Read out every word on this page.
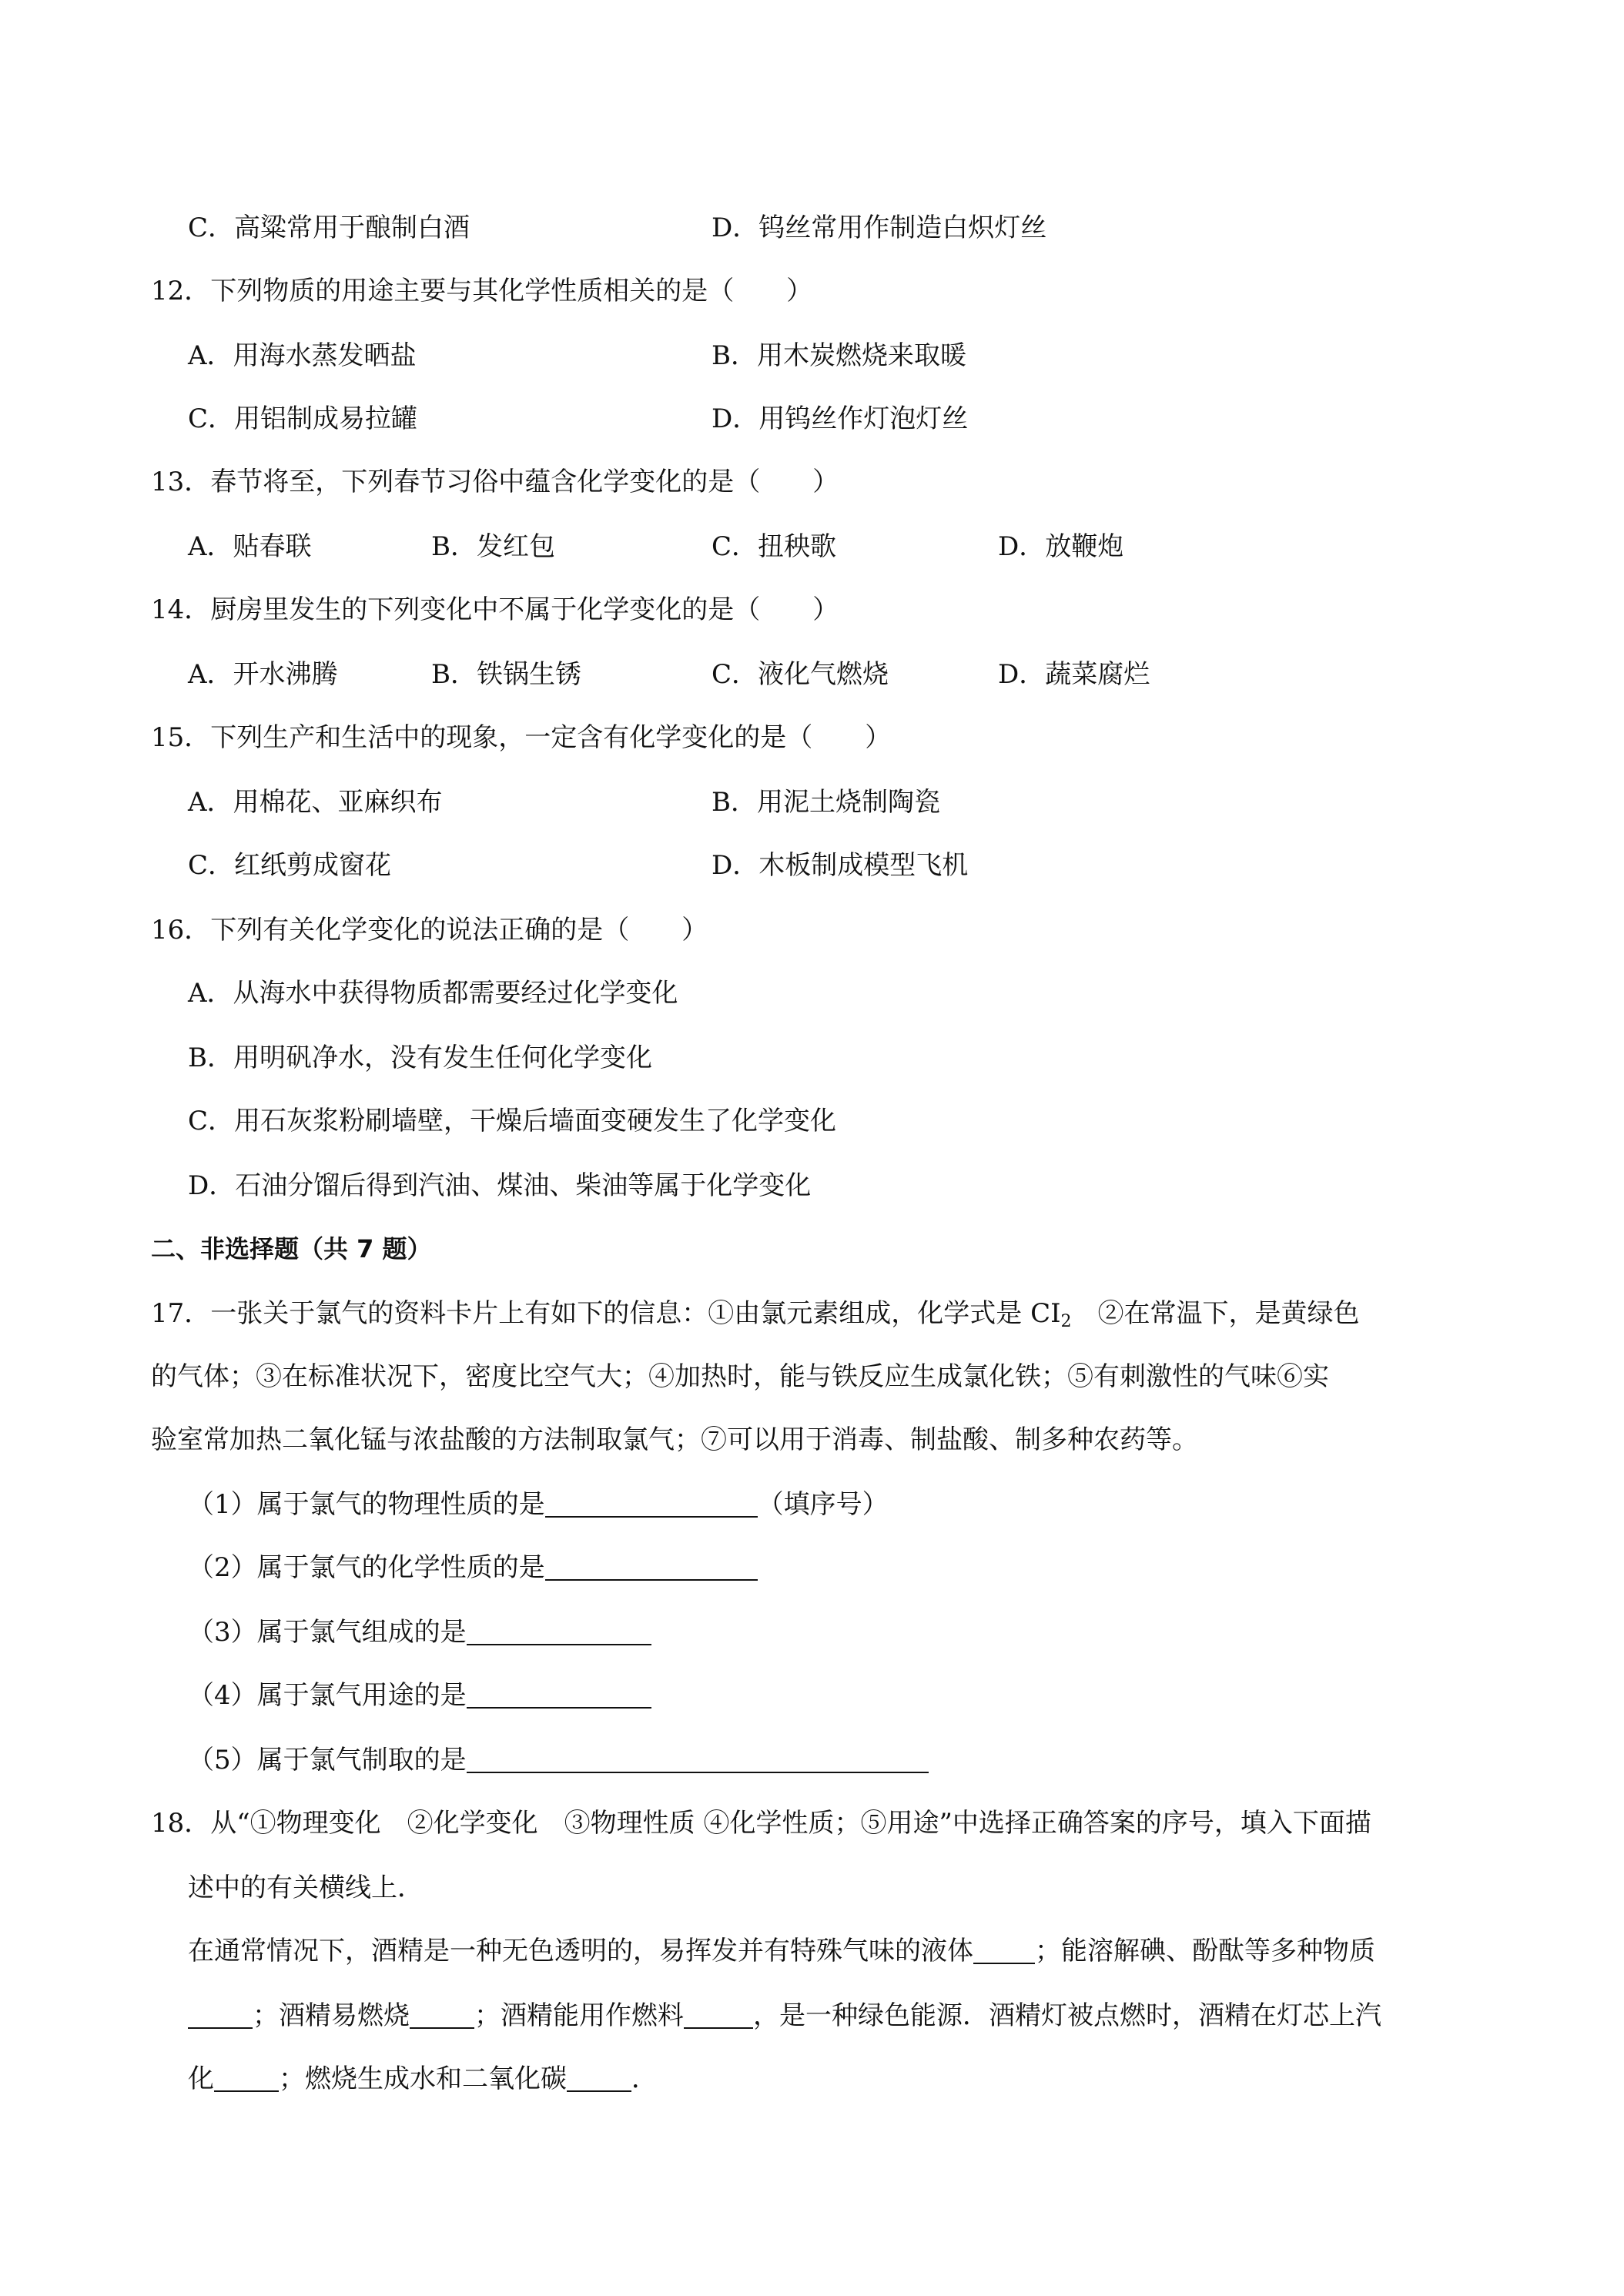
C．高粱常用于酿制白酒	D．钨丝常用作制造白炽灯丝
12．下列物质的用途主要与其化学性质相关的是（　　）
A．用海水蒸发晒盐	B．用木炭燃烧来取暖
C．用铝制成易拉罐	D．用钨丝作灯泡灯丝
13．春节将至，下列春节习俗中蕴含化学变化的是（　　）
A．贴春联	B．发红包	C．扭秧歌	D．放鞭炮
14．厨房里发生的下列变化中不属于化学变化的是（　　）
A．开水沸腾	B．铁锅生锈	C．液化气燃烧	D．蔬菜腐烂
15．下列生产和生活中的现象，一定含有化学变化的是（　　）
A．用棉花、亚麻织布	B．用泥土烧制陶瓷
C．红纸剪成窗花	D．木板制成模型飞机
16．下列有关化学变化的说法正确的是（　　）
A．从海水中获得物质都需要经过化学变化
B．用明矾净水，没有发生任何化学变化
C．用石灰浆粉刷墙壁，干燥后墙面变硬发生了化学变化
D．石油分馏后得到汽油、煤油、柴油等属于化学变化
二、非选择题（共 7 题）
17．一张关于氯气的资料卡片上有如下的信息：①由氯元素组成，化学式是 $CI_2$　②在常温下，是黄绿色
的气体；③在标准状况下，密度比空气大；④加热时，能与铁反应生成氯化铁；⑤有刺激性的气味⑥实
验室常加热二氧化锰与浓盐酸的方法制取氯气；⑦可以用于消毒、制盐酸、制多种农药等。
（1）属于氯气的物理性质的是	（填序号）
（2）属于氯气的化学性质的是
（3）属于氯气组成的是
（4）属于氯气用途的是
（5）属于氯气制取的是
18．从“①物理变化　②化学变化　③物理性质 ④化学性质；⑤用途”中选择正确答案的序号，填入下面描
述中的有关横线上．
在通常情况下，酒精是一种无色透明的，易挥发并有特殊气味的液体 ；能溶解碘、酚酞等多种物质
；酒精易燃烧 ；酒精能用作燃料	，是一种绿色能源．酒精灯被点燃时，酒精在灯芯上汽
化 ；燃烧生成水和二氧化碳 ．
